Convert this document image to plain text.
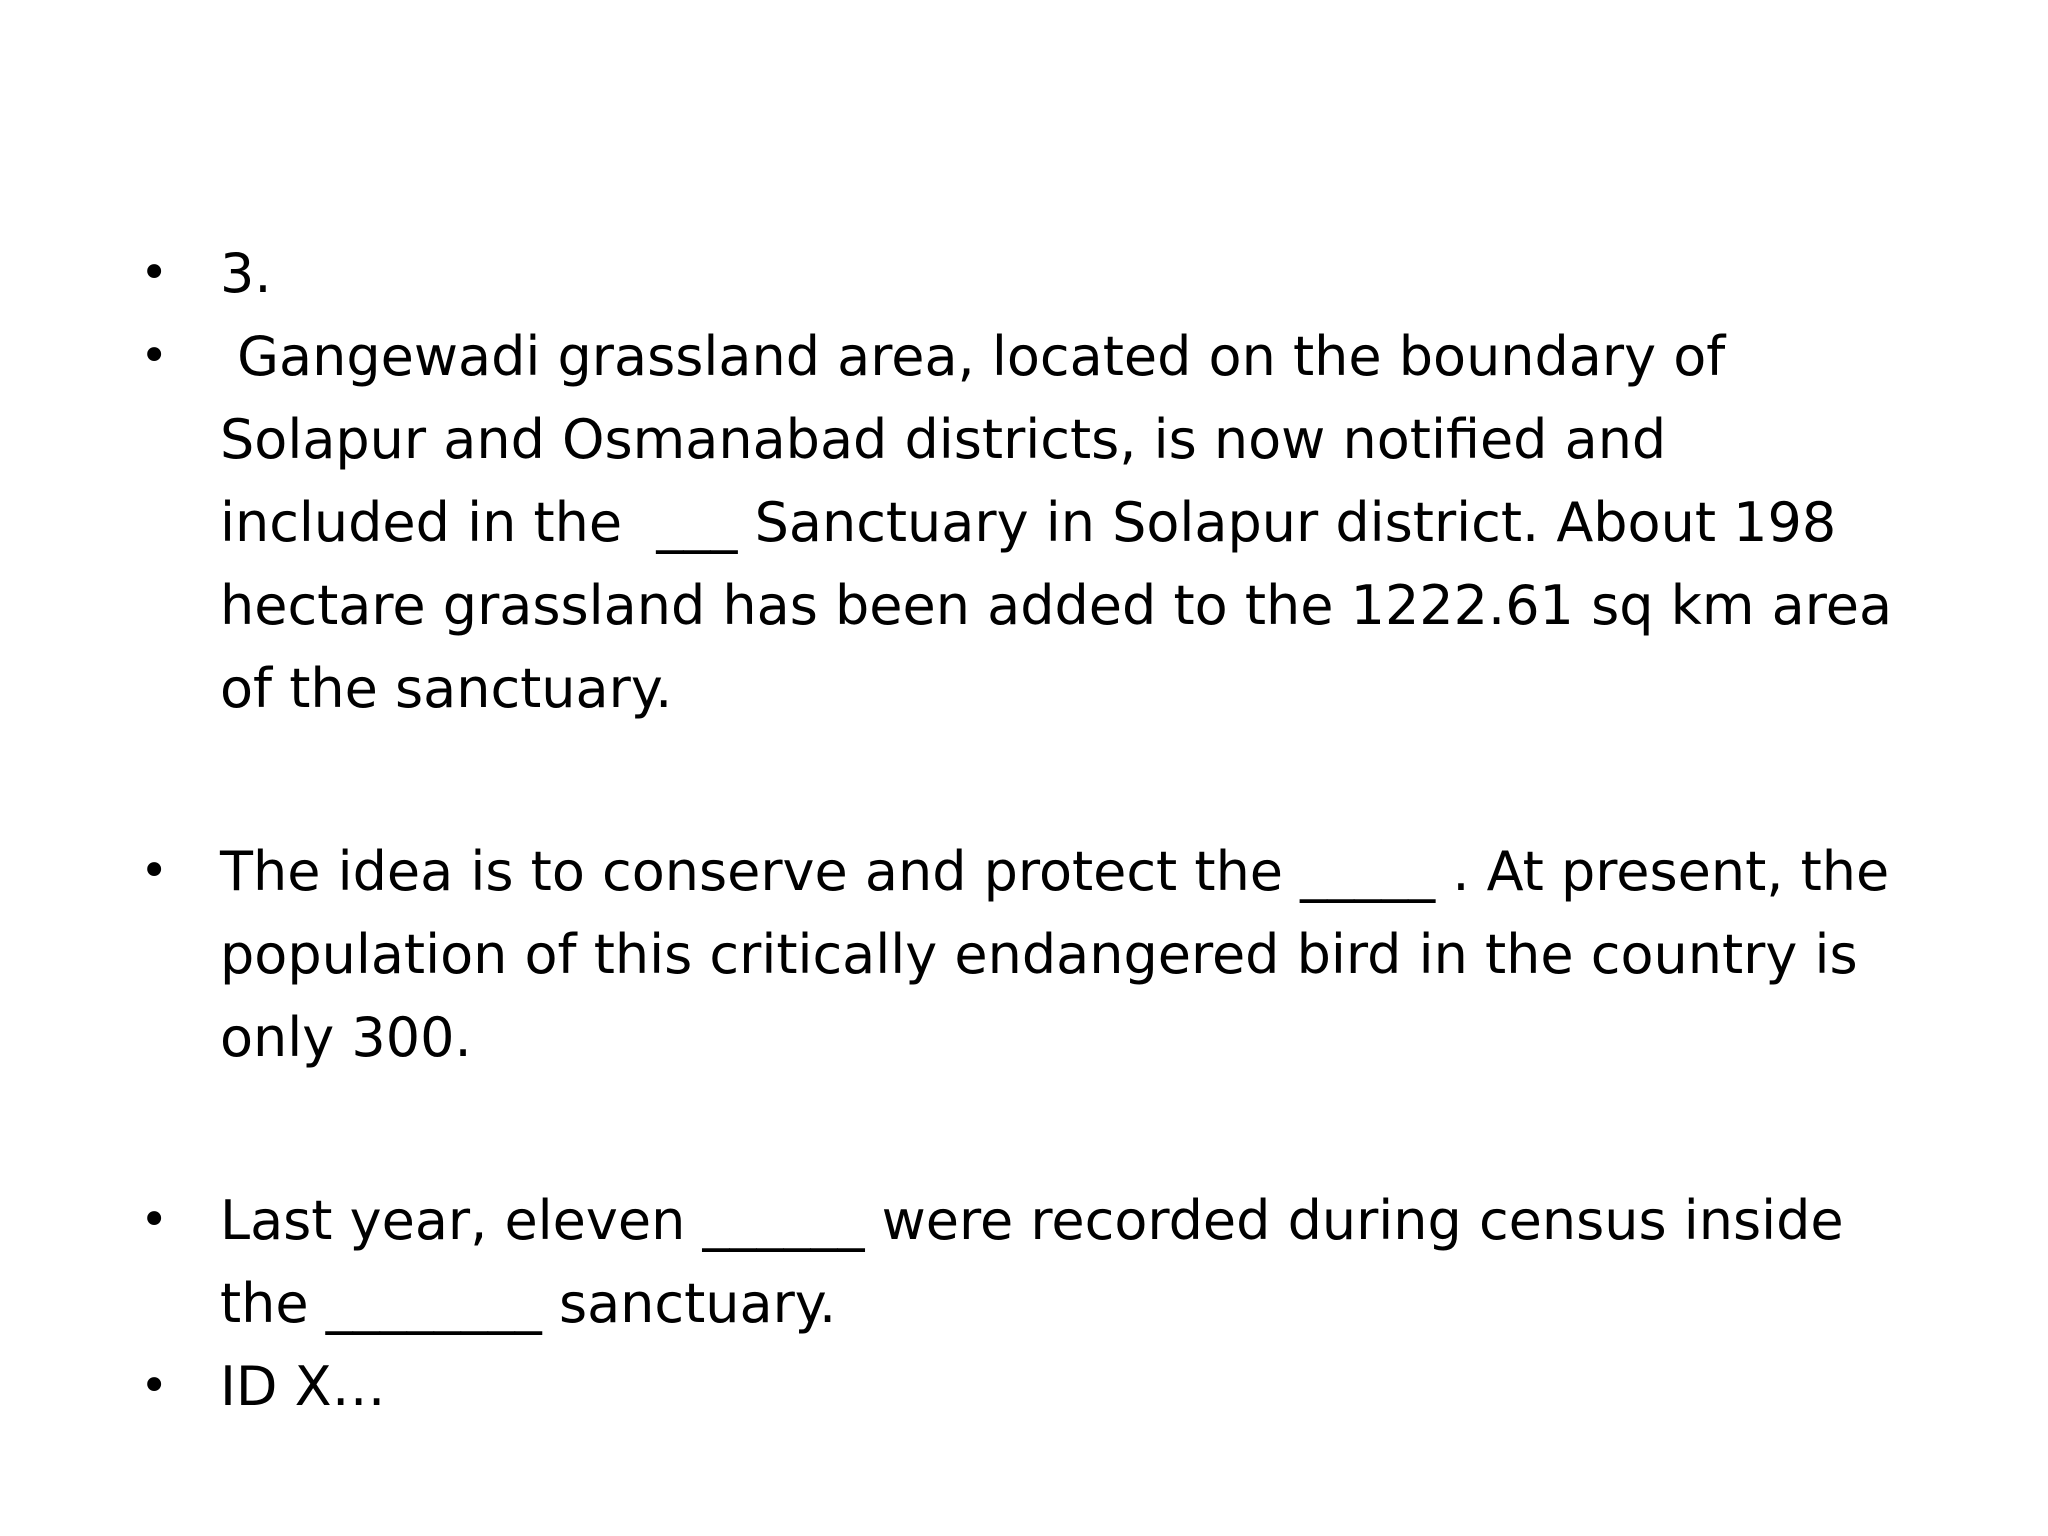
• 3.
•	Gangewadi grassland area, located on the boundary of
Solapur and Osmanabad districts, is now notified and
included in the  ___ Sanctuary in Solapur district. About 198
hectare grassland has been added to the 1222.61 sq km area
of the sanctuary.
• The idea is to conserve and protect the _____ . At present, the
population of this critically endangered bird in the country is
only 300.
• Last year, eleven ______ were recorded during census inside
the ________ sanctuary.
• ID X…
